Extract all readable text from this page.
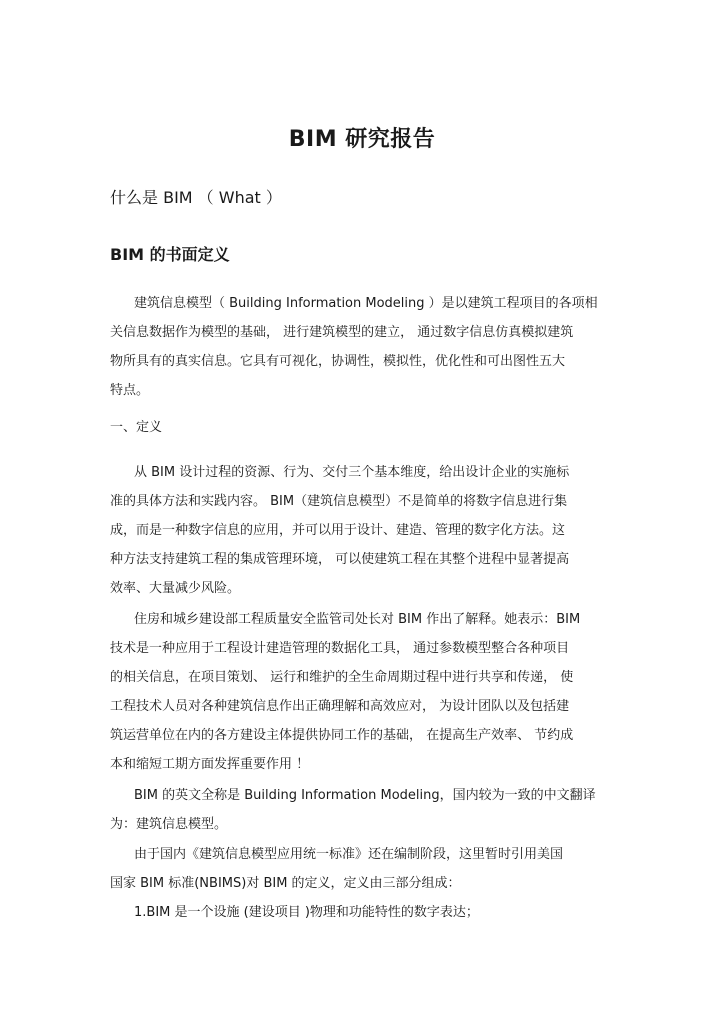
BIM 研究报告
什么是 BIM （ What ）
BIM 的书面定义
建筑信息模型（ Building Information Modeling ）是以建筑工程项目的各项相
关信息数据作为模型的基础， 进行建筑模型的建立， 通过数字信息仿真模拟建筑
物所具有的真实信息。它具有可视化，协调性，模拟性，优化性和可出图性五大
特点。
一、定义
从 BIM 设计过程的资源、行为、交付三个基本维度，给出设计企业的实施标
准的具体方法和实践内容。 BIM（建筑信息模型）不是简单的将数字信息进行集
成，而是一种数字信息的应用，并可以用于设计、建造、管理的数字化方法。这
种方法支持建筑工程的集成管理环境， 可以使建筑工程在其整个进程中显著提高
效率、大量减少风险。
住房和城乡建设部工程质量安全监管司处长对 BIM 作出了解释。她表示：BIM
技术是一种应用于工程设计建造管理的数据化工具， 通过参数模型整合各种项目
的相关信息，在项目策划、 运行和维护的全生命周期过程中进行共享和传递， 使
工程技术人员对各种建筑信息作出正确理解和高效应对， 为设计团队以及包括建
筑运营单位在内的各方建设主体提供协同工作的基础， 在提高生产效率、 节约成
本和缩短工期方面发挥重要作用 ！
BIM 的英文全称是 Building Information Modeling，国内较为一致的中文翻译
为：建筑信息模型。
由于国内《建筑信息模型应用统一标准》还在编制阶段，这里暂时引用美国
国家 BIM 标准(NBIMS)对 BIM 的定义，定义由三部分组成：
1.BIM 是一个设施 (建设项目 )物理和功能特性的数字表达；
